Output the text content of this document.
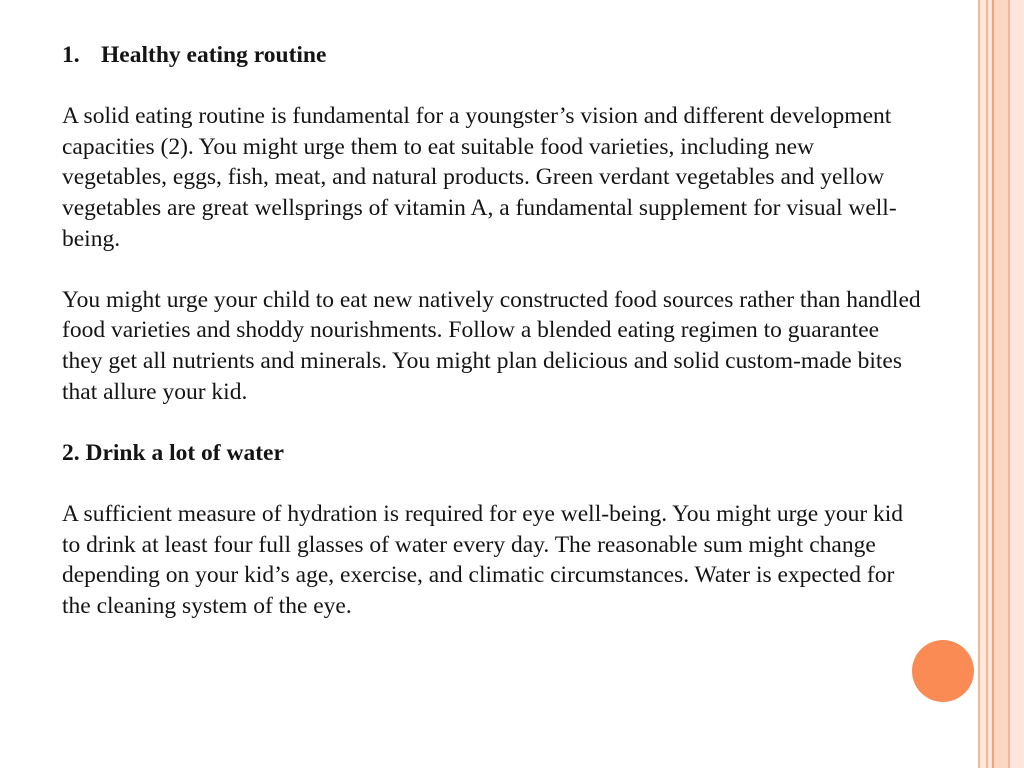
1. Healthy eating routine

A solid eating routine is fundamental for a youngster’s vision and different development capacities (2). You might urge them to eat suitable food varieties, including new vegetables, eggs, fish, meat, and natural products. Green verdant vegetables and yellow vegetables are great wellsprings of vitamin A, a fundamental supplement for visual well-being.

You might urge your child to eat new natively constructed food sources rather than handled food varieties and shoddy nourishments. Follow a blended eating regimen to guarantee they get all nutrients and minerals. You might plan delicious and solid custom-made bites that allure your kid.

2. Drink a lot of water

A sufficient measure of hydration is required for eye well-being. You might urge your kid to drink at least four full glasses of water every day. The reasonable sum might change depending on your kid’s age, exercise, and climatic circumstances. Water is expected for the cleaning system of the eye.
